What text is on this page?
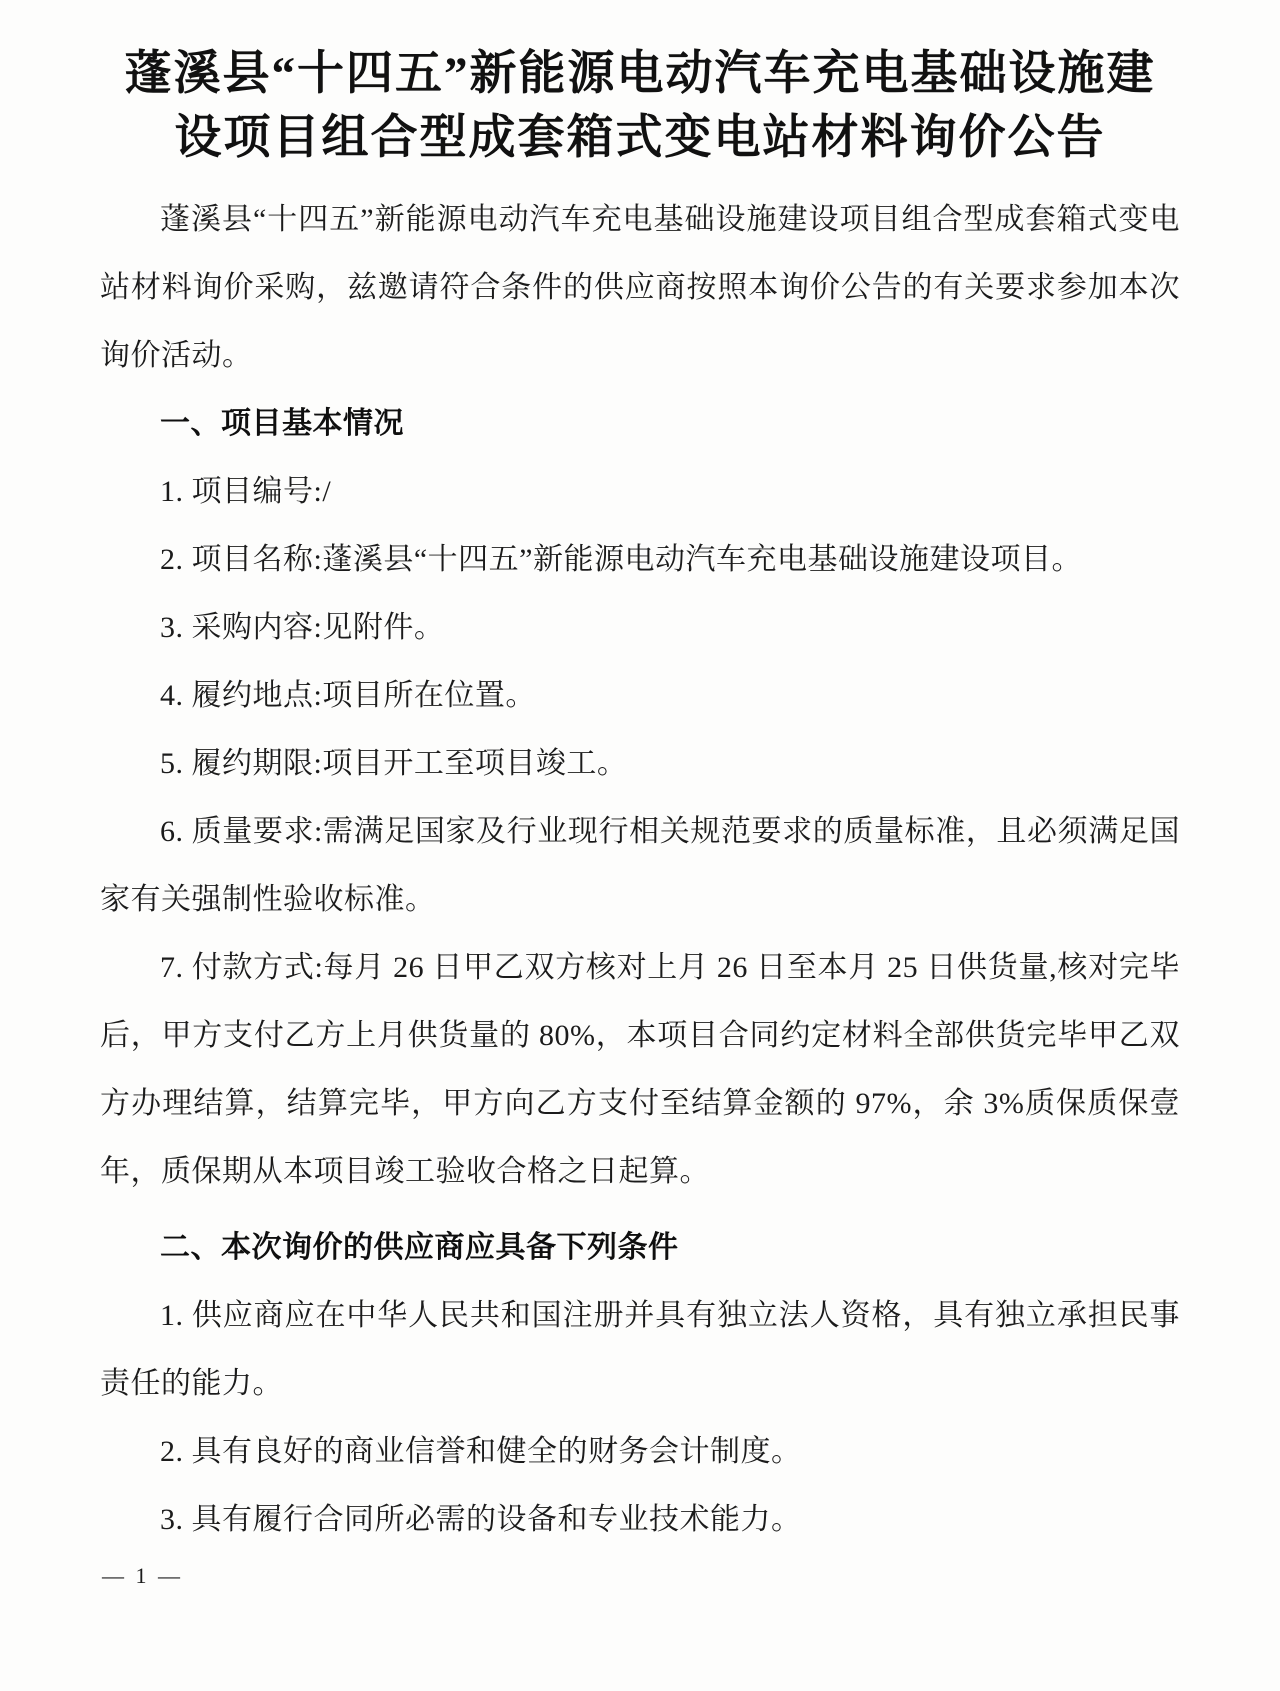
蓬溪县“十四五”新能源电动汽车充电基础设施建
设项目组合型成套箱式变电站材料询价公告

蓬溪县“十四五”新能源电动汽车充电基础设施建设项目组合型成套箱式变电站材料询价采购，兹邀请符合条件的供应商按照本询价公告的有关要求参加本次询价活动。

一、项目基本情况

1. 项目编号:/

2. 项目名称:蓬溪县“十四五”新能源电动汽车充电基础设施建设项目。

3. 采购内容:见附件。

4. 履约地点:项目所在位置。

5. 履约期限:项目开工至项目竣工。

6. 质量要求:需满足国家及行业现行相关规范要求的质量标准，且必须满足国家有关强制性验收标准。

7. 付款方式:每月 26 日甲乙双方核对上月 26 日至本月 25 日供货量,核对完毕后，甲方支付乙方上月供货量的 80%，本项目合同约定材料全部供货完毕甲乙双方办理结算，结算完毕，甲方向乙方支付至结算金额的 97%，余 3%质保质保壹年，质保期从本项目竣工验收合格之日起算。

二、本次询价的供应商应具备下列条件

1. 供应商应在中华人民共和国注册并具有独立法人资格，具有独立承担民事责任的能力。

2. 具有良好的商业信誉和健全的财务会计制度。

3. 具有履行合同所必需的设备和专业技术能力。

— 1 —
